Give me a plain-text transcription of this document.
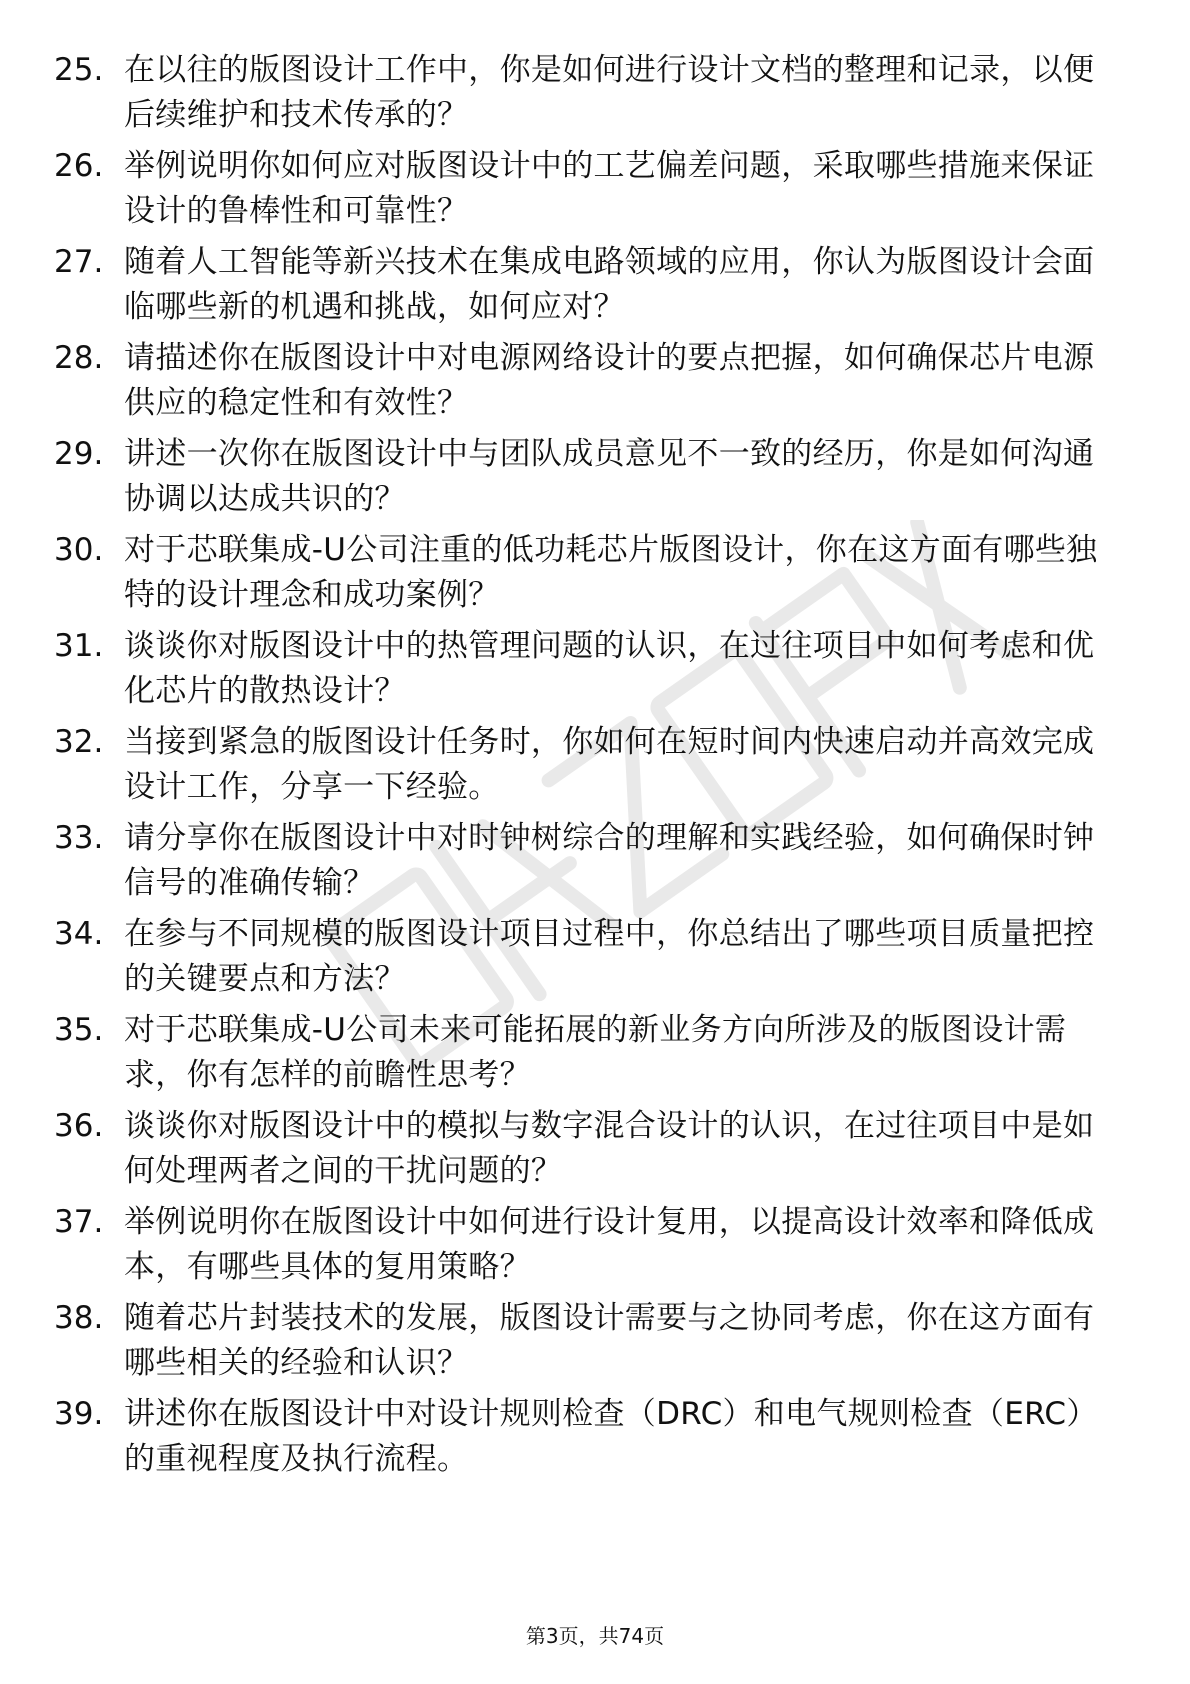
25. 在以往的版图设计工作中，你是如何进行设计文档的整理和记录，以便后续维护和技术传承的？
26. 举例说明你如何应对版图设计中的工艺偏差问题，采取哪些措施来保证设计的鲁棒性和可靠性？
27. 随着人工智能等新兴技术在集成电路领域的应用，你认为版图设计会面临哪些新的机遇和挑战，如何应对？
28. 请描述你在版图设计中对电源网络设计的要点把握，如何确保芯片电源供应的稳定性和有效性？
29. 讲述一次你在版图设计中与团队成员意见不一致的经历，你是如何沟通协调以达成共识的？
30. 对于芯联集成-U公司注重的低功耗芯片版图设计，你在这方面有哪些独特的设计理念和成功案例？
31. 谈谈你对版图设计中的热管理问题的认识，在过往项目中如何考虑和优化芯片的散热设计？
32. 当接到紧急的版图设计任务时，你如何在短时间内快速启动并高效完成设计工作，分享一下经验。
33. 请分享你在版图设计中对时钟树综合的理解和实践经验，如何确保时钟信号的准确传输？
34. 在参与不同规模的版图设计项目过程中，你总结出了哪些项目质量把控的关键要点和方法？
35. 对于芯联集成-U公司未来可能拓展的新业务方向所涉及的版图设计需求，你有怎样的前瞻性思考？
36. 谈谈你对版图设计中的模拟与数字混合设计的认识，在过往项目中是如何处理两者之间的干扰问题的？
37. 举例说明你在版图设计中如何进行设计复用，以提高设计效率和降低成本，有哪些具体的复用策略？
38. 随着芯片封装技术的发展，版图设计需要与之协同考虑，你在这方面有哪些相关的经验和认识？
39. 讲述你在版图设计中对设计规则检查（DRC）和电气规则检查（ERC）的重视程度及执行流程。
第3页，共74页
